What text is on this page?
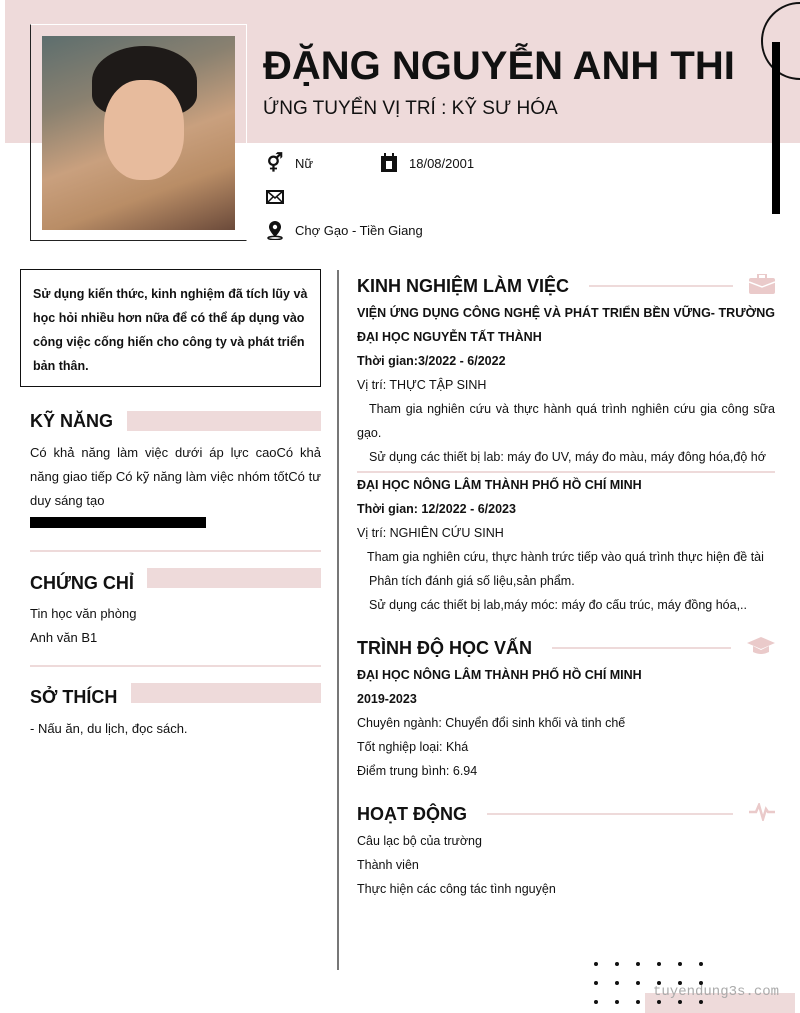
ĐẶNG NGUYỄN ANH THI
ỨNG TUYỂN VỊ TRÍ : KỸ SƯ HÓA
⚥ Nữ	18/08/2001
Chợ Gạo - Tiền Giang
Sử dụng kiến thức, kinh nghiệm đã tích lũy và học hỏi nhiều hơn nữa để có thể áp dụng vào công việc cống hiến cho công ty và phát triển bản thân.
KỸ NĂNG
Có khả năng làm việc dưới áp lực caoCó khả năng giao tiếp Có kỹ năng làm việc nhóm tốtCó tư duy sáng tạo
CHỨNG CHỈ
Tin học văn phòng
Anh văn B1
SỞ THÍCH
- Nấu ăn, du lịch, đọc sách.
KINH NGHIỆM LÀM VIỆC
VIỆN ỨNG DỤNG CÔNG NGHỆ VÀ PHÁT TRIỂN BỀN VỮNG- TRƯỜNG ĐẠI HỌC NGUYỄN TẤT THÀNH
Thời gian:3/2022 - 6/2022
Vị trí: THỰC TẬP SINH
Tham gia nghiên cứu và thực hành quá trình nghiên cứu gia công sữa gạo.
Sử dụng các thiết bị lab: máy đo UV, máy đo màu, máy đông hóa,độ hớ
ĐẠI HỌC NÔNG LÂM THÀNH PHỐ HỒ CHÍ MINH
Thời gian: 12/2022 - 6/2023
Vị trí: NGHIÊN CỨU SINH
Tham gia nghiên cứu, thực hành trức tiếp vào quá trình thực hiện đề tài
Phân tích đánh giá số liệu,sản phẩm.
Sử dụng các thiết bị lab,máy móc: máy đo cấu trúc, máy đồng hóa,..
TRÌNH ĐỘ HỌC VẤN
ĐẠI HỌC NÔNG LÂM THÀNH PHỐ HỒ CHÍ MINH
2019-2023
Chuyên ngành: Chuyển đổi sinh khối và tinh chế
Tốt nghiệp loại: Khá
Điểm trung bình: 6.94
HOẠT ĐỘNG
Câu lạc bộ của trường
Thành viên
Thực hiện các công tác tình nguyện
tuyendung3s.com
